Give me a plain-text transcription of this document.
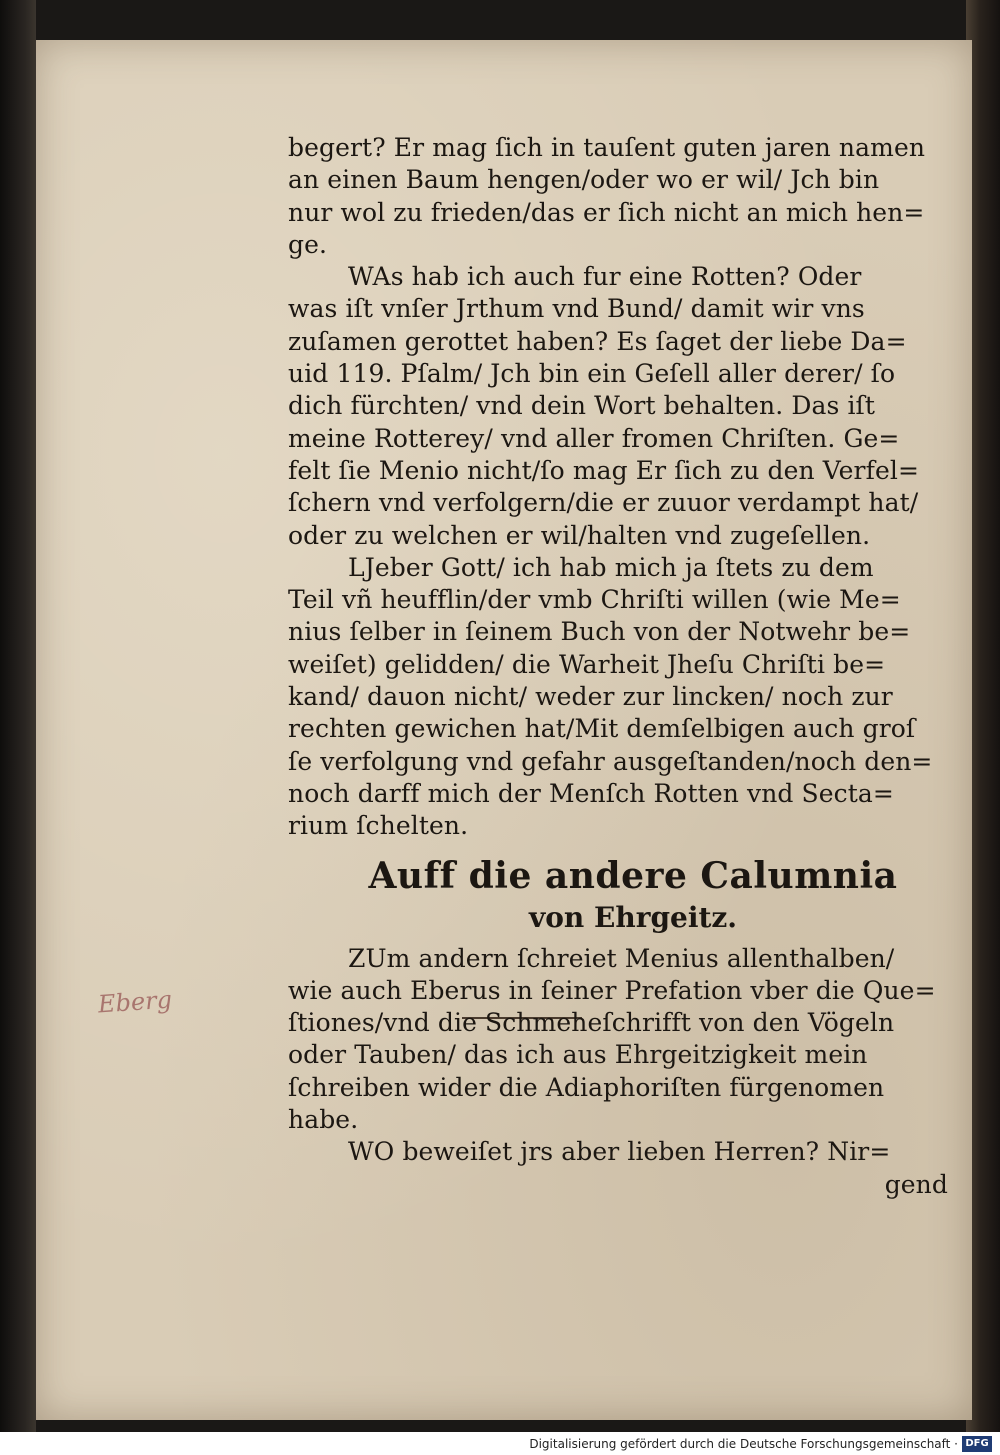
Eberg
begert? Er mag ſich in tauſent guten jaren namen
an einen Baum hengen/oder wo er wil/ Jch bin
nur wol zu frieden/das er ſich nicht an mich hen=
ge.
WAs hab ich auch fur eine Rotten? Oder
was iſt vnſer Jrthum vnd Bund/ damit wir vns
zuſamen gerottet haben? Es ſaget der liebe Da=
uid 119. Pſalm/ Jch bin ein Geſell aller derer/ ſo
dich fürchten/ vnd dein Wort behalten. Das iſt
meine Rotterey/ vnd aller fromen Chriſten. Ge=
felt ſie Menio nicht/ſo mag Er ſich zu den Verfel=
ſchern vnd verfolgern/die er zuuor verdampt hat/
oder zu welchen er wil/halten vnd zugeſellen.
LJeber Gott/ ich hab mich ja ſtets zu dem
Teil vñ heufflin/der vmb Chriſti willen (wie Me=
nius ſelber in ſeinem Buch von der Notwehr be=
weiſet) gelidden/ die Warheit Jheſu Chriſti be=
kand/ dauon nicht/ weder zur lincken/ noch zur
rechten gewichen hat/Mit demſelbigen auch groſ
ſe verfolgung vnd gefahr ausgeſtanden/noch den=
noch darff mich der Menſch Rotten vnd Secta=
rium ſchelten.
Auff die andere Calumnia
von Ehrgeitz.
ZUm andern ſchreiet Menius allenthalben/
wie auch Eberus in ſeiner Prefation vber die Que=
ſtiones/vnd die Schmeheſchrifft von den Vögeln
oder Tauben/ das ich aus Ehrgeitzigkeit mein
ſchreiben wider die Adiaphoriſten fürgenomen
habe.
WO beweiſet jrs aber lieben Herren? Nir=
gend
Digitalisierung gefördert durch die Deutsche Forschungsgemeinschaft · DFG
